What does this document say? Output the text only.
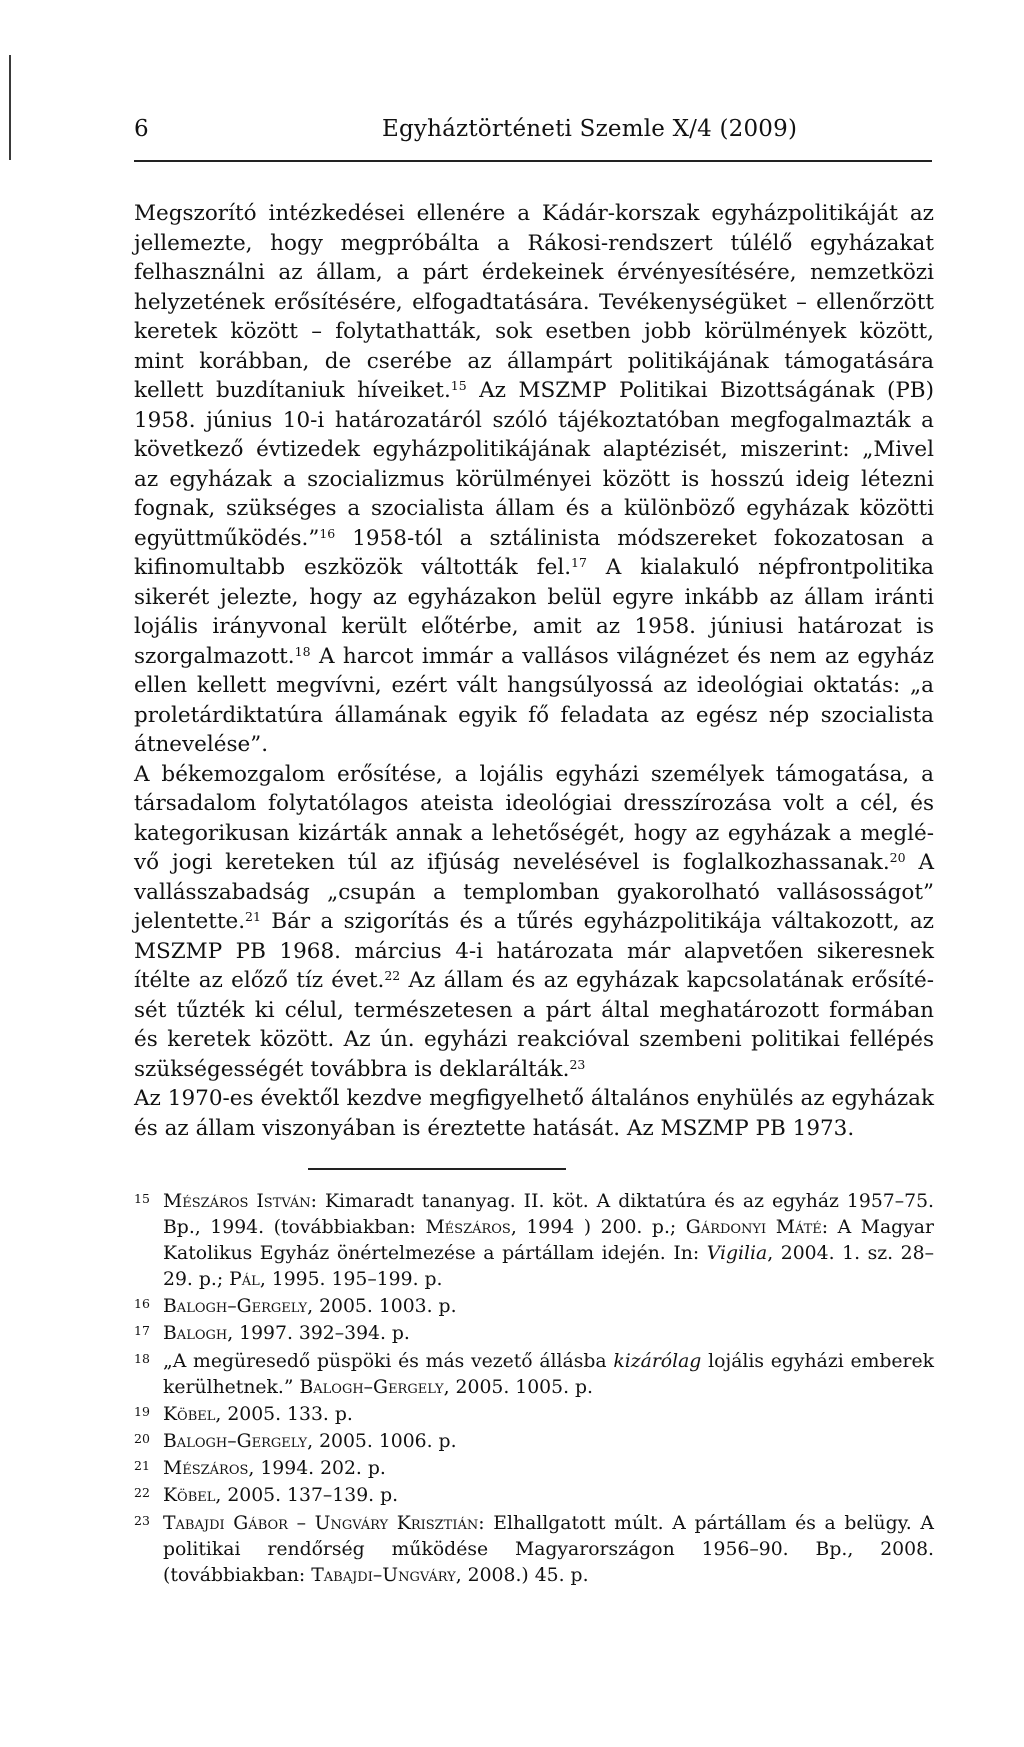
6	Egyháztörténeti Szemle X/4 (2009)

Megszorító intézkedései ellenére a Kádár-korszak egyházpolitikáját az jellemezte, hogy megpróbálta a Rákosi-rendszert túlélő egyházakat felhasználni az állam, a párt érdekeinek érvényesítésére, nemzetközi helyzetének erősítésére, elfogadtatására. Tevékenységüket – ellenőrzött keretek között – folytathatták, sok esetben jobb körülmények között, mint korábban, de cserébe az állampárt politikájának támogatására kellett buzdítaniuk híveiket.$^{15}$ Az MSZMP Politikai Bizottságának (PB) 1958. június 10-i határozatáról szóló tájékoztatóban megfogalmazták a következő évtizedek egyházpolitikájának alaptézisét, miszerint: „Mivel az egyházak a szocializmus körülményei között is hosszú ideig létezni fognak, szükséges a szocialista állam és a különböző egyházak közötti együttműködés.”$^{16}$ 1958-tól a sztálinista módszereket fokozatosan a kifinomultabb eszközök váltották fel.$^{17}$ A kialakuló népfrontpolitika sikerét jelezte, hogy az egyházakon belül egyre inkább az állam iránti lojális irányvonal került előtérbe, amit az 1958. júniusi határozat is szorgalmazott.$^{18}$ A harcot immár a vallásos világnézet és nem az egyház ellen kellett megvívni, ezért vált hangsúlyossá az ideológiai oktatás: „a proletárdiktatúra államának egyik fő feladata az egész nép szocialista átnevelése”.

A békemozgalom erősítése, a lojális egyházi személyek támogatása, a társadalom folytatólagos ateista ideológiai dresszírozása volt a cél, és kategorikusan kizárták annak a lehetőségét, hogy az egyházak a meglévő jogi kereteken túl az ifjúság nevelésével is foglalkozhassanak.$^{20}$ A vallásszabadság „csupán a templomban gyakorolható vallásosságot” jelentette.$^{21}$ Bár a szigorítás és a tűrés egyházpolitikája váltakozott, az MSZMP PB 1968. március 4-i határozata már alapvetően sikeresnek ítélte az előző tíz évet.$^{22}$ Az állam és az egyházak kapcsolatának erősítését tűzték ki célul, természetesen a párt által meghatározott formában és keretek között. Az ún. egyházi reakcióval szembeni politikai fellépés szükségességét továbbra is deklarálták.$^{23}$

Az 1970-es évektől kezdve megfigyelhető általános enyhülés az egyházak és az állam viszonyában is éreztette hatását. Az MSZMP PB 1973.

15 Mészáros István: Kimaradt tananyag. II. köt. A diktatúra és az egyház 1957–75. Bp., 1994. (továbbiakban: Mészáros, 1994 ) 200. p.; Gárdonyi Máté: A Magyar Katolikus Egyház önértelmezése a pártállam idején. In: Vigilia, 2004. 1. sz. 28–29. p.; Pál, 1995. 195–199. p.
16 Balogh–Gergely, 2005. 1003. p.
17 Balogh, 1997. 392–394. p.
18 „A megüresedő püspöki és más vezető állásba kizárólag lojális egyházi emberek kerülhetnek.” Balogh–Gergely, 2005. 1005. p.
19 Köbel, 2005. 133. p.
20 Balogh–Gergely, 2005. 1006. p.
21 Mészáros, 1994. 202. p.
22 Köbel, 2005. 137–139. p.
23 Tabajdi Gábor – Ungváry Krisztián: Elhallgatott múlt. A pártállam és a belügy. A politikai rendőrség működése Magyarországon 1956–90. Bp., 2008. (továbbiakban: Tabajdi–Ungváry, 2008.) 45. p.
